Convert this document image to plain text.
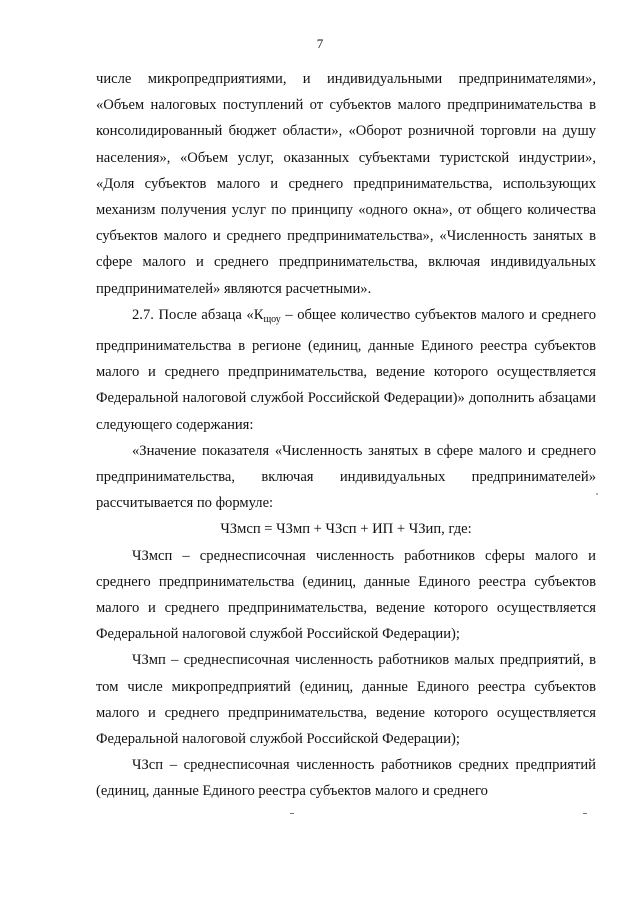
7

числе микропредприятиями, и индивидуальными предпринимателями», «Объем налоговых поступлений от субъектов малого предпринимательства в консолидированный бюджет области», «Оборот розничной торговли на душу населения», «Объем услуг, оказанных субъектами туристской индустрии», «Доля субъектов малого и среднего предпринимательства, использующих механизм получения услуг по принципу «одного окна», от общего количества субъектов малого и среднего предпринимательства», «Численность занятых в сфере малого и среднего предпринимательства, включая индивидуальных предпринимателей» являются расчетными».

2.7. После абзаца «$К_{щоу}$ – общее количество субъектов малого и среднего предпринимательства в регионе (единиц, данные Единого реестра субъектов малого и среднего предпринимательства, ведение которого осуществляется Федеральной налоговой службой Российской Федерации)» дополнить абзацами следующего содержания:

«Значение показателя «Численность занятых в сфере малого и среднего предпринимательства, включая индивидуальных предпринимателей» рассчитывается по формуле:

ЧЗмсп = ЧЗмп + ЧЗсп + ИП + ЧЗип, где:

ЧЗмсп – среднесписочная численность работников сферы малого и среднего предпринимательства (единиц, данные Единого реестра субъектов малого и среднего предпринимательства, ведение которого осуществляется Федеральной налоговой службой Российской Федерации);

ЧЗмп – среднесписочная численность работников малых предприятий, в том числе микропредприятий (единиц, данные Единого реестра субъектов малого и среднего предпринимательства, ведение которого осуществляется Федеральной налоговой службой Российской Федерации);

ЧЗсп – среднесписочная численность работников средних предприятий (единиц, данные Единого реестра субъектов малого и среднего
